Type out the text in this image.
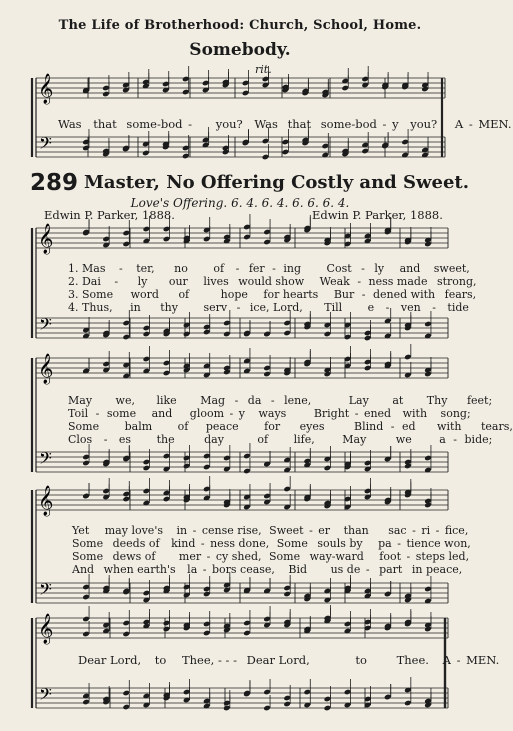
The Life of Brotherhood: Church, School, Home.
Somebody.
rit.
𝄞
𝄢
𝄞
𝄢
𝄞
𝄢
𝄞
𝄢
𝄞
𝄢
Was that some-bod - you? Was that some-bod - y you? A - MEN.
289 Master, No Offering Costly and Sweet.
Love's Offering. 6. 4. 6. 4. 6. 6. 6. 4.
Edwin P. Parker, 1888.	Edwin P. Parker, 1888.
1. Mas - ter, no of - fer - ing Cost - ly and sweet,
2. Dai - ly our lives would show Weak - ness made strong,
3. Some word of	hope for hearts Bur - dened with fears,
4. Thus, in thy serv - ice, Lord, Till e - ven - tide
May we, like Mag - da - lene,	Lay at Thy feet;
Toil - some and gloom - y ways	Bright - ened with song;
Some balm of peace for eyes	Blind - ed with tears,
Clos - es the	day	of life,	May	we	a - bide;
Yet may love's in - cense rise, Sweet - er than sac - ri - fice,
Some deeds of kind - ness done, Some souls by pa - tience won,
Some dews of mer - cy shed, Some way-ward foot - steps led,
And when earth's la - bors cease, Bid us de - part in peace,
Dear Lord, to Thee, - - - Dear Lord,	to	Thee. A - MEN.
